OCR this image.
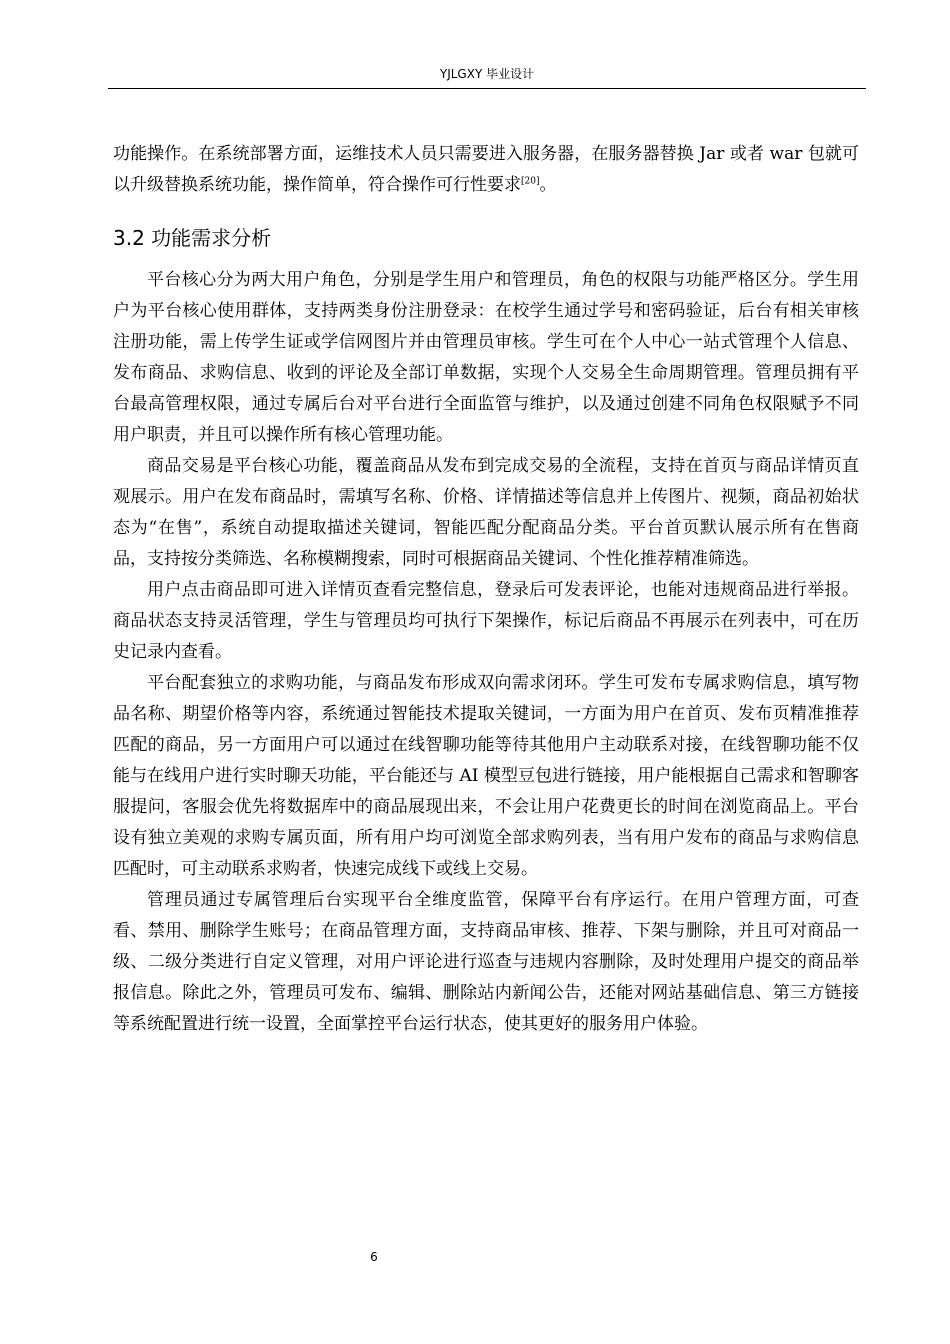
YJLGXY 毕业设计

功能操作。在系统部署方面，运维技术人员只需要进入服务器，在服务器替换 Jar 或者 war 包就可以升级替换系统功能，操作简单，符合操作可行性要求[20]。

3.2 功能需求分析

平台核心分为两大用户角色，分别是学生用户和管理员，角色的权限与功能严格区分。学生用户为平台核心使用群体，支持两类身份注册登录：在校学生通过学号和密码验证，后台有相关审核注册功能，需上传学生证或学信网图片并由管理员审核。学生可在个人中心一站式管理个人信息、发布商品、求购信息、收到的评论及全部订单数据，实现个人交易全生命周期管理。管理员拥有平台最高管理权限，通过专属后台对平台进行全面监管与维护，以及通过创建不同角色权限赋予不同用户职责，并且可以操作所有核心管理功能。

商品交易是平台核心功能，覆盖商品从发布到完成交易的全流程，支持在首页与商品详情页直观展示。用户在发布商品时，需填写名称、价格、详情描述等信息并上传图片、视频，商品初始状态为“在售”，系统自动提取描述关键词，智能匹配分配商品分类。平台首页默认展示所有在售商品，支持按分类筛选、名称模糊搜索，同时可根据商品关键词、个性化推荐精准筛选。

用户点击商品即可进入详情页查看完整信息，登录后可发表评论，也能对违规商品进行举报。商品状态支持灵活管理，学生与管理员均可执行下架操作，标记后商品不再展示在列表中，可在历史记录内查看。

平台配套独立的求购功能，与商品发布形成双向需求闭环。学生可发布专属求购信息，填写物品名称、期望价格等内容，系统通过智能技术提取关键词，一方面为用户在首页、发布页精准推荐匹配的商品，另一方面用户可以通过在线智聊功能等待其他用户主动联系对接，在线智聊功能不仅能与在线用户进行实时聊天功能，平台能还与 AI 模型豆包进行链接，用户能根据自己需求和智聊客服提问，客服会优先将数据库中的商品展现出来，不会让用户花费更长的时间在浏览商品上。平台设有独立美观的求购专属页面，所有用户均可浏览全部求购列表，当有用户发布的商品与求购信息匹配时，可主动联系求购者，快速完成线下或线上交易。

管理员通过专属管理后台实现平台全维度监管，保障平台有序运行。在用户管理方面，可查看、禁用、删除学生账号；在商品管理方面，支持商品审核、推荐、下架与删除，并且可对商品一级、二级分类进行自定义管理，对用户评论进行巡查与违规内容删除，及时处理用户提交的商品举报信息。除此之外，管理员可发布、编辑、删除站内新闻公告，还能对网站基础信息、第三方链接等系统配置进行统一设置，全面掌控平台运行状态，使其更好的服务用户体验。

6
